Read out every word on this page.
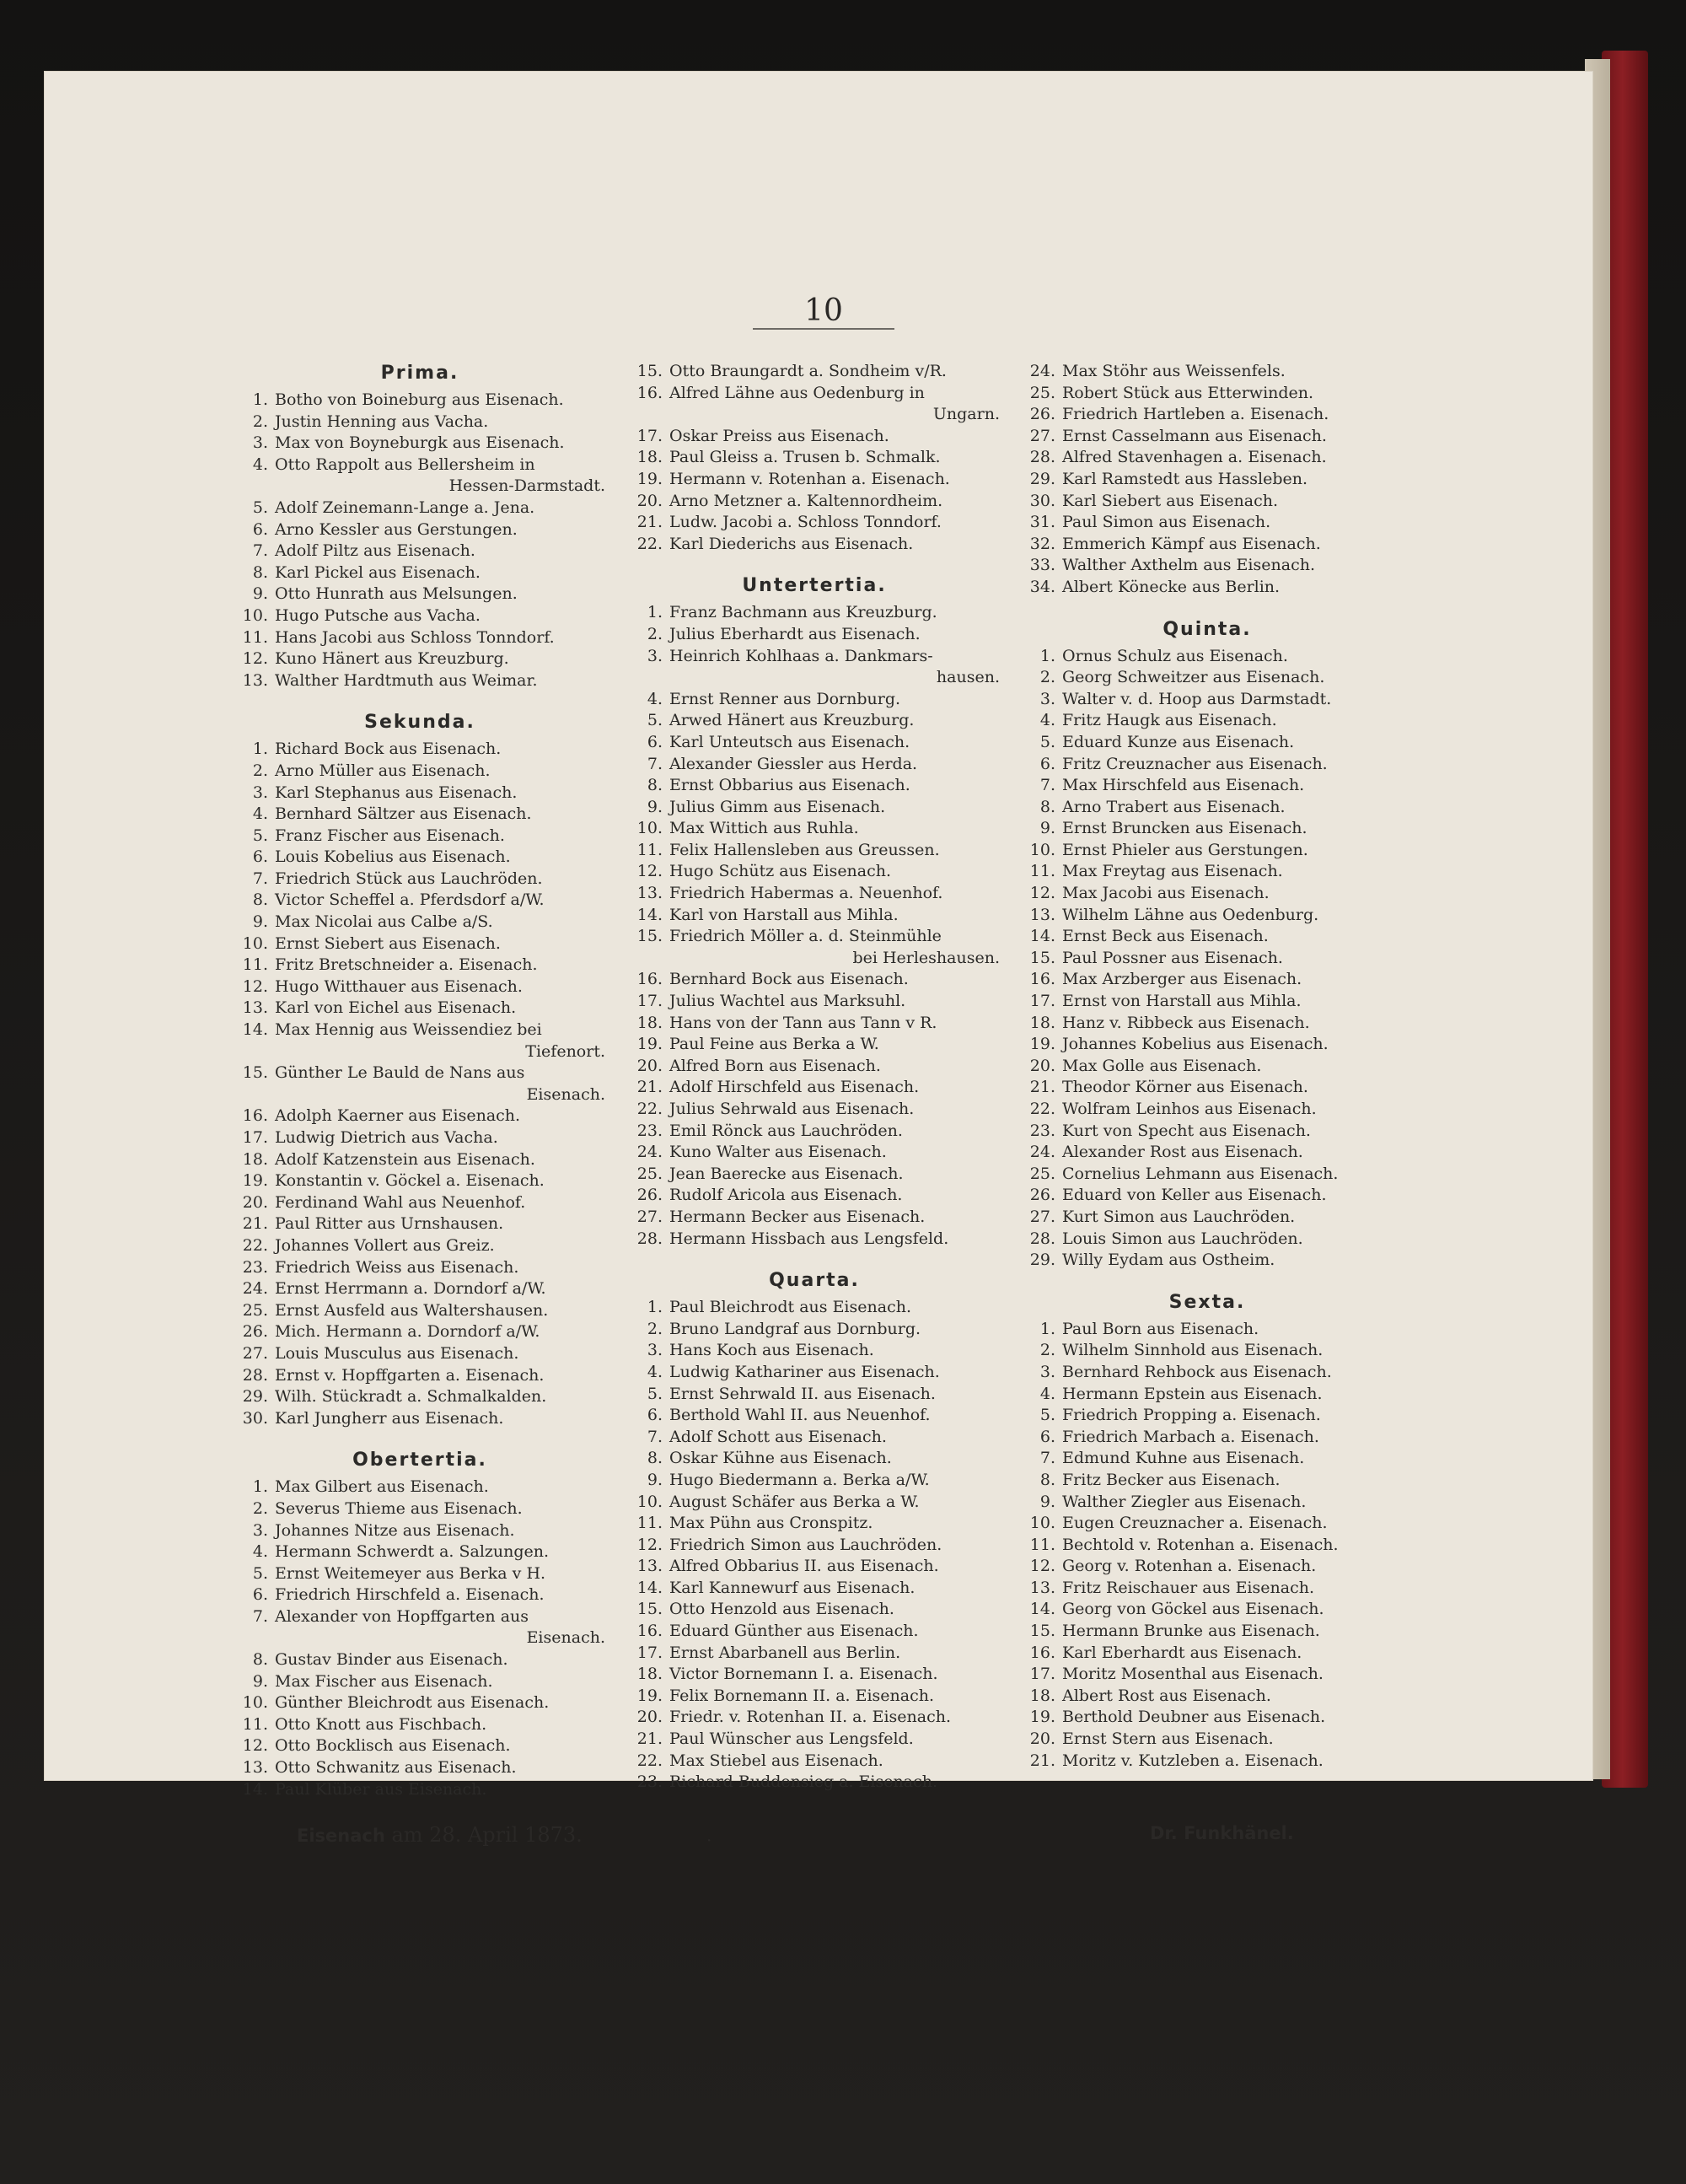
10
Prima.
1. Botho von Boineburg aus Eisenach.
2. Justin Henning aus Vacha.
3. Max von Boyneburgk aus Eisenach.
4. Otto Rappolt aus Bellersheim in
Hessen-Darmstadt.
5. Adolf Zeinemann-Lange a. Jena.
6. Arno Kessler aus Gerstungen.
7. Adolf Piltz aus Eisenach.
8. Karl Pickel aus Eisenach.
9. Otto Hunrath aus Melsungen.
10. Hugo Putsche aus Vacha.
11. Hans Jacobi aus Schloss Tonndorf.
12. Kuno Hänert aus Kreuzburg.
13. Walther Hardtmuth aus Weimar.
Sekunda.
1. Richard Bock aus Eisenach.
2. Arno Müller aus Eisenach.
3. Karl Stephanus aus Eisenach.
4. Bernhard Sältzer aus Eisenach.
5. Franz Fischer aus Eisenach.
6. Louis Kobelius aus Eisenach.
7. Friedrich Stück aus Lauchröden.
8. Victor Scheffel a. Pferdsdorf a/W.
9. Max Nicolai aus Calbe a/S.
10. Ernst Siebert aus Eisenach.
11. Fritz Bretschneider a. Eisenach.
12. Hugo Witthauer aus Eisenach.
13. Karl von Eichel aus Eisenach.
14. Max Hennig aus Weissendiez bei
Tiefenort.
15. Günther Le Bauld de Nans aus
Eisenach.
16. Adolph Kaerner aus Eisenach.
17. Ludwig Dietrich aus Vacha.
18. Adolf Katzenstein aus Eisenach.
19. Konstantin v. Göckel a. Eisenach.
20. Ferdinand Wahl aus Neuenhof.
21. Paul Ritter aus Urnshausen.
22. Johannes Vollert aus Greiz.
23. Friedrich Weiss aus Eisenach.
24. Ernst Herrmann a. Dorndorf a/W.
25. Ernst Ausfeld aus Waltershausen.
26. Mich. Hermann a. Dorndorf a/W.
27. Louis Musculus aus Eisenach.
28. Ernst v. Hopffgarten a. Eisenach.
29. Wilh. Stückradt a. Schmalkalden.
30. Karl Jungherr aus Eisenach.
Obertertia.
1. Max Gilbert aus Eisenach.
2. Severus Thieme aus Eisenach.
3. Johannes Nitze aus Eisenach.
4. Hermann Schwerdt a. Salzungen.
5. Ernst Weitemeyer aus Berka v H.
6. Friedrich Hirschfeld a. Eisenach.
7. Alexander von Hopffgarten aus
Eisenach.
8. Gustav Binder aus Eisenach.
9. Max Fischer aus Eisenach.
10. Günther Bleichrodt aus Eisenach.
11. Otto Knott aus Fischbach.
12. Otto Bocklisch aus Eisenach.
13. Otto Schwanitz aus Eisenach.
14. Paul Klüber aus Eisenach.
15. Otto Braungardt a. Sondheim v/R.
16. Alfred Lähne aus Oedenburg in
Ungarn.
17. Oskar Preiss aus Eisenach.
18. Paul Gleiss a. Trusen b. Schmalk.
19. Hermann v. Rotenhan a. Eisenach.
20. Arno Metzner a. Kaltennordheim.
21. Ludw. Jacobi a. Schloss Tonndorf.
22. Karl Diederichs aus Eisenach.
Untertertia.
1. Franz Bachmann aus Kreuzburg.
2. Julius Eberhardt aus Eisenach.
3. Heinrich Kohlhaas a. Dankmars-
hausen.
4. Ernst Renner aus Dornburg.
5. Arwed Hänert aus Kreuzburg.
6. Karl Unteutsch aus Eisenach.
7. Alexander Giessler aus Herda.
8. Ernst Obbarius aus Eisenach.
9. Julius Gimm aus Eisenach.
10. Max Wittich aus Ruhla.
11. Felix Hallensleben aus Greussen.
12. Hugo Schütz aus Eisenach.
13. Friedrich Habermas a. Neuenhof.
14. Karl von Harstall aus Mihla.
15. Friedrich Möller a. d. Steinmühle
bei Herleshausen.
16. Bernhard Bock aus Eisenach.
17. Julius Wachtel aus Marksuhl.
18. Hans von der Tann aus Tann v R.
19. Paul Feine aus Berka a W.
20. Alfred Born aus Eisenach.
21. Adolf Hirschfeld aus Eisenach.
22. Julius Sehrwald aus Eisenach.
23. Emil Rönck aus Lauchröden.
24. Kuno Walter aus Eisenach.
25. Jean Baerecke aus Eisenach.
26. Rudolf Aricola aus Eisenach.
27. Hermann Becker aus Eisenach.
28. Hermann Hissbach aus Lengsfeld.
Quarta.
1. Paul Bleichrodt aus Eisenach.
2. Bruno Landgraf aus Dornburg.
3. Hans Koch aus Eisenach.
4. Ludwig Kathariner aus Eisenach.
5. Ernst Sehrwald II. aus Eisenach.
6. Berthold Wahl II. aus Neuenhof.
7. Adolf Schott aus Eisenach.
8. Oskar Kühne aus Eisenach.
9. Hugo Biedermann a. Berka a/W.
10. August Schäfer aus Berka a W.
11. Max Pühn aus Cronspitz.
12. Friedrich Simon aus Lauchröden.
13. Alfred Obbarius II. aus Eisenach.
14. Karl Kannewurf aus Eisenach.
15. Otto Henzold aus Eisenach.
16. Eduard Günther aus Eisenach.
17. Ernst Abarbanell aus Berlin.
18. Victor Bornemann I. a. Eisenach.
19. Felix Bornemann II. a. Eisenach.
20. Friedr. v. Rotenhan II. a. Eisenach.
21. Paul Wünscher aus Lengsfeld.
22. Max Stiebel aus Eisenach.
23. Richard Buddensieg a. Eisenach.
24. Max Stöhr aus Weissenfels.
25. Robert Stück aus Etterwinden.
26. Friedrich Hartleben a. Eisenach.
27. Ernst Casselmann aus Eisenach.
28. Alfred Stavenhagen a. Eisenach.
29. Karl Ramstedt aus Hassleben.
30. Karl Siebert aus Eisenach.
31. Paul Simon aus Eisenach.
32. Emmerich Kämpf aus Eisenach.
33. Walther Axthelm aus Eisenach.
34. Albert Könecke aus Berlin.
Quinta.
1. Ornus Schulz aus Eisenach.
2. Georg Schweitzer aus Eisenach.
3. Walter v. d. Hoop aus Darmstadt.
4. Fritz Haugk aus Eisenach.
5. Eduard Kunze aus Eisenach.
6. Fritz Creuznacher aus Eisenach.
7. Max Hirschfeld aus Eisenach.
8. Arno Trabert aus Eisenach.
9. Ernst Bruncken aus Eisenach.
10. Ernst Phieler aus Gerstungen.
11. Max Freytag aus Eisenach.
12. Max Jacobi aus Eisenach.
13. Wilhelm Lähne aus Oedenburg.
14. Ernst Beck aus Eisenach.
15. Paul Possner aus Eisenach.
16. Max Arzberger aus Eisenach.
17. Ernst von Harstall aus Mihla.
18. Hanz v. Ribbeck aus Eisenach.
19. Johannes Kobelius aus Eisenach.
20. Max Golle aus Eisenach.
21. Theodor Körner aus Eisenach.
22. Wolfram Leinhos aus Eisenach.
23. Kurt von Specht aus Eisenach.
24. Alexander Rost aus Eisenach.
25. Cornelius Lehmann aus Eisenach.
26. Eduard von Keller aus Eisenach.
27. Kurt Simon aus Lauchröden.
28. Louis Simon aus Lauchröden.
29. Willy Eydam aus Ostheim.
Sexta.
1. Paul Born aus Eisenach.
2. Wilhelm Sinnhold aus Eisenach.
3. Bernhard Rehbock aus Eisenach.
4. Hermann Epstein aus Eisenach.
5. Friedrich Propping a. Eisenach.
6. Friedrich Marbach a. Eisenach.
7. Edmund Kuhne aus Eisenach.
8. Fritz Becker aus Eisenach.
9. Walther Ziegler aus Eisenach.
10. Eugen Creuznacher a. Eisenach.
11. Bechtold v. Rotenhan a. Eisenach.
12. Georg v. Rotenhan a. Eisenach.
13. Fritz Reischauer aus Eisenach.
14. Georg von Göckel aus Eisenach.
15. Hermann Brunke aus Eisenach.
16. Karl Eberhardt aus Eisenach.
17. Moritz Mosenthal aus Eisenach.
18. Albert Rost aus Eisenach.
19. Berthold Deubner aus Eisenach.
20. Ernst Stern aus Eisenach.
21. Moritz v. Kutzleben a. Eisenach.
Eisenach am 28. April 1873.	·	Dr. Funkhänel.
